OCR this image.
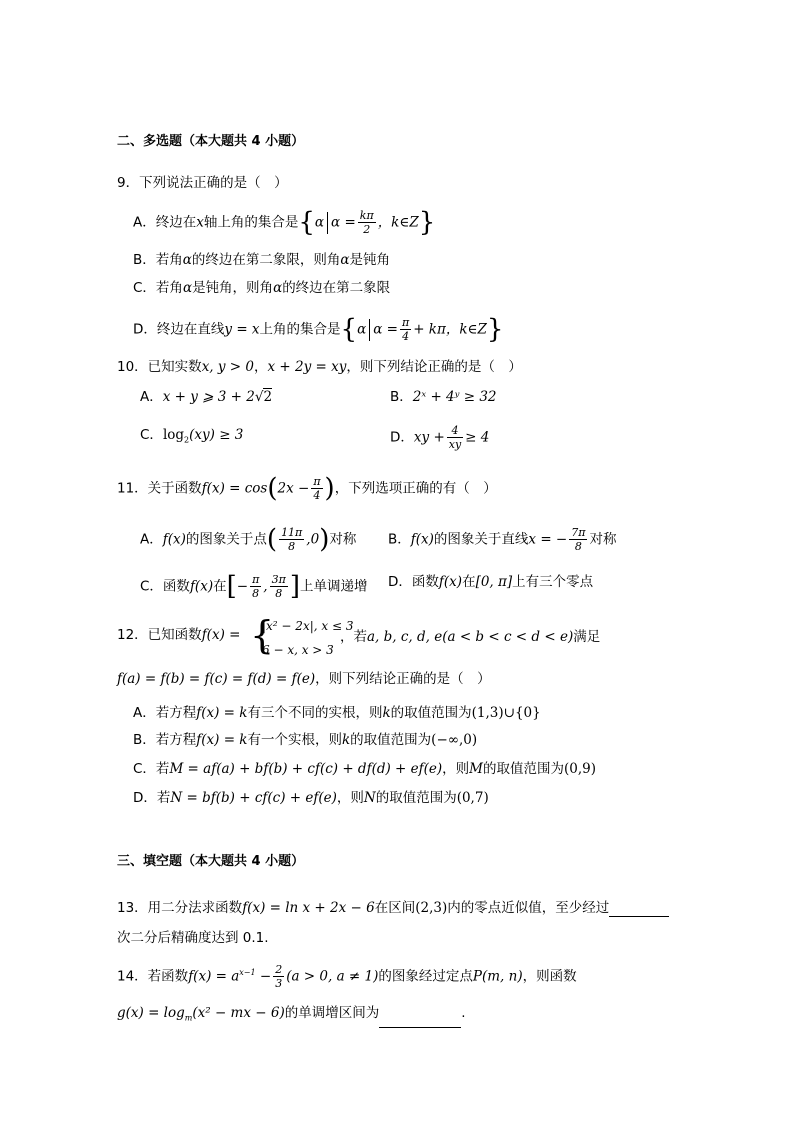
二、多选题（本大题共 4 小题）
9．下列说法正确的是（　）
A．终边在x轴上角的集合是{α $\alpha = \frac{k\pi}{2}$ ，k∈Z}
B．若角α的终边在第二象限，则角α是钝角
C．若角α是钝角，则角α的终边在第二象限
D．终边在直线y = x上角的集合是{α $\alpha = \frac{\pi}{4} + k\pi$，k∈Z}
10．已知实数x, y > 0，x + 2y = xy，则下列结论正确的是（　）
A．x + y ⩾ 3 + 2√2	B．2ˣ + 4ʸ ≥ 32
C．$\log_2(xy) \ge 3$	D．xy + $\frac{4}{xy} \ge 4$
11．关于函数$f(x) = \cos(2x - \frac{\pi}{4}$ )，下列选项正确的有（　）
A．f(x)的图象关于点( $\frac{11\pi}{8} ,0$)对称 B．f(x)的图象关于直线x = − $\frac{7\pi}{8}$ 对称
C．函数f(x)在[− $\frac{\pi}{8}$ , $\frac{3\pi}{8}$ ]上单调递增 D．函数f(x)在[0, π]上有三个零点
12．已知函数f(x) = {
|x² − 2x|, x ≤ 3
6 − x, x > 3
，若a, b, c, d, e(a < b < c < d < e)满足
f(a) = f(b) = f(c) = f(d) = f(e)，则下列结论正确的是（　）
A．若方程f(x) = k有三个不同的实根，则k的取值范围为(1,3)∪{0}
B．若方程f(x) = k有一个实根，则k的取值范围为(−∞,0)
C．若M = af(a) + bf(b) + cf(c) + df(d) + ef(e)，则M的取值范围为(0,9)
D．若N = bf(b) + cf(c) + ef(e)，则N的取值范围为(0,7)
三、填空题（本大题共 4 小题）
13．用二分法求函数f(x) = ln x + 2x − 6在区间(2,3)内的零点近似值，至少经过
次二分后精确度达到 0.1.
14．若函数$f(x) = a^{x-1} - \frac{2}{3} (a > 0$, a ≠ 1)的图象经过定点P(m, n)，则函数
$g(x) = \log_m(x^2$ − mx − 6)的单调增区间为	.
